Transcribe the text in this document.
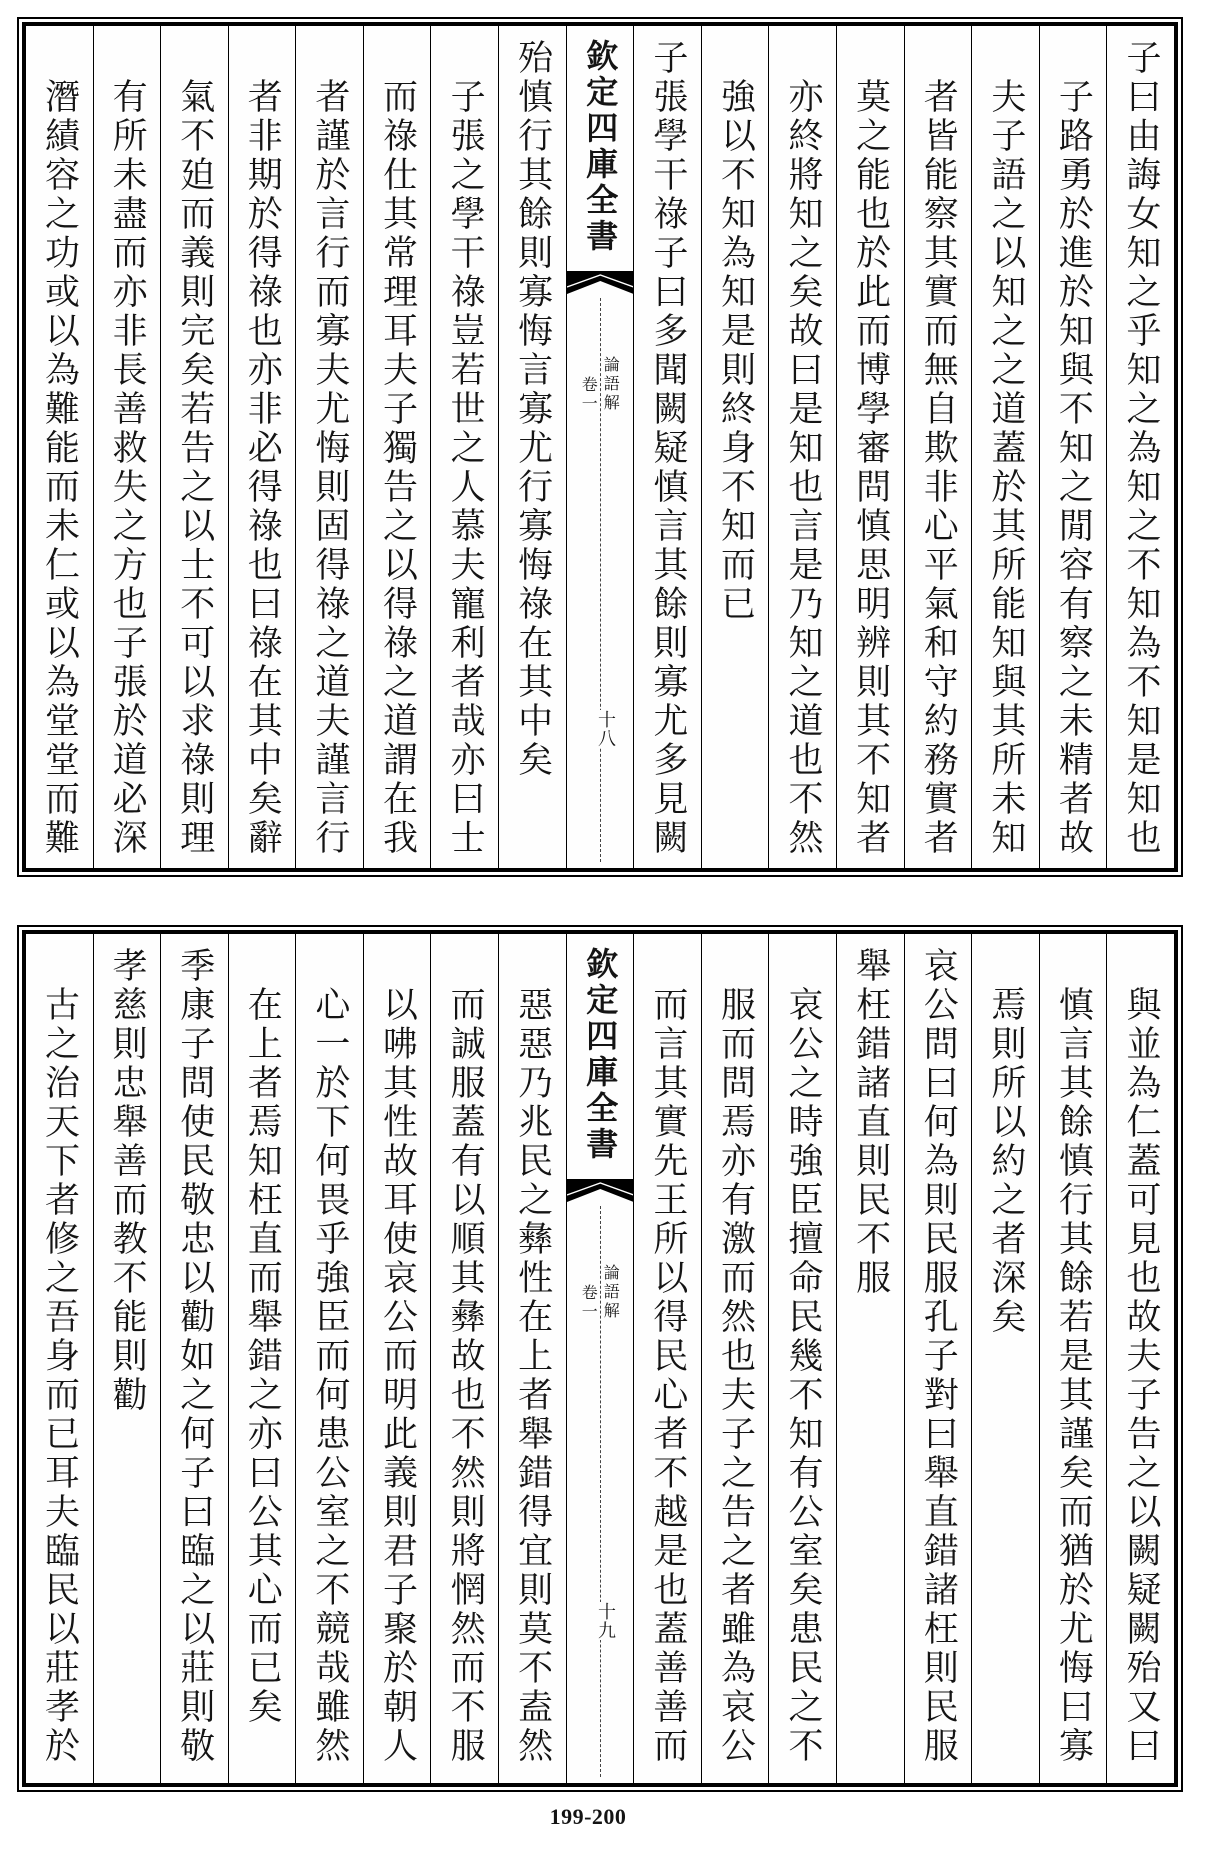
子曰由誨女知之乎知之為知之不知為不知是知也
子路勇於進於知與不知之閒容有察之未精者故
夫子語之以知之之道蓋於其所能知與其所未知
者皆能察其實而無自欺非心平氣和守約務實者
莫之能也於此而博學審問慎思明辨則其不知者
亦終將知之矣故曰是知也言是乃知之道也不然
強以不知為知是則終身不知而已
子張學干祿子曰多聞闕疑慎言其餘則寡尤多見闕
欽定四庫全書
論語解
卷一
十八
殆慎行其餘則寡悔言寡尤行寡悔祿在其中矣
子張之學干祿豈若世之人慕夫寵利者哉亦曰士
而祿仕其常理耳夫子獨告之以得祿之道謂在我
者謹於言行而寡夫尤悔則固得祿之道夫謹言行
者非期於得祿也亦非必得祿也曰祿在其中矣辭
氣不廹而義則完矣若告之以士不可以求祿則理
有所未盡而亦非長善救失之方也子張於道必深
潛績容之功或以為難能而未仁或以為堂堂而難
與並為仁蓋可見也故夫子告之以闕疑闕殆又曰
慎言其餘慎行其餘若是其謹矣而猶於尤悔曰寡
焉則所以約之者深矣
哀公問曰何為則民服孔子對曰舉直錯諸枉則民服
舉枉錯諸直則民不服
哀公之時強臣擅命民幾不知有公室矣患民之不
服而問焉亦有激而然也夫子之告之者雖為哀公
而言其實先王所以得民心者不越是也蓋善善而
欽定四庫全書
論語解
卷一
十九
惡惡乃兆民之彝性在上者舉錯得宜則莫不盍然
而誠服蓋有以順其彝故也不然則將惘然而不服
以咈其性故耳使哀公而明此義則君子聚於朝人
心一於下何畏乎強臣而何患公室之不競哉雖然
在上者焉知枉直而舉錯之亦曰公其心而已矣
季康子問使民敬忠以勸如之何子曰臨之以莊則敬
孝慈則忠舉善而教不能則勸
古之治天下者修之吾身而已耳夫臨民以莊孝於
199-200
